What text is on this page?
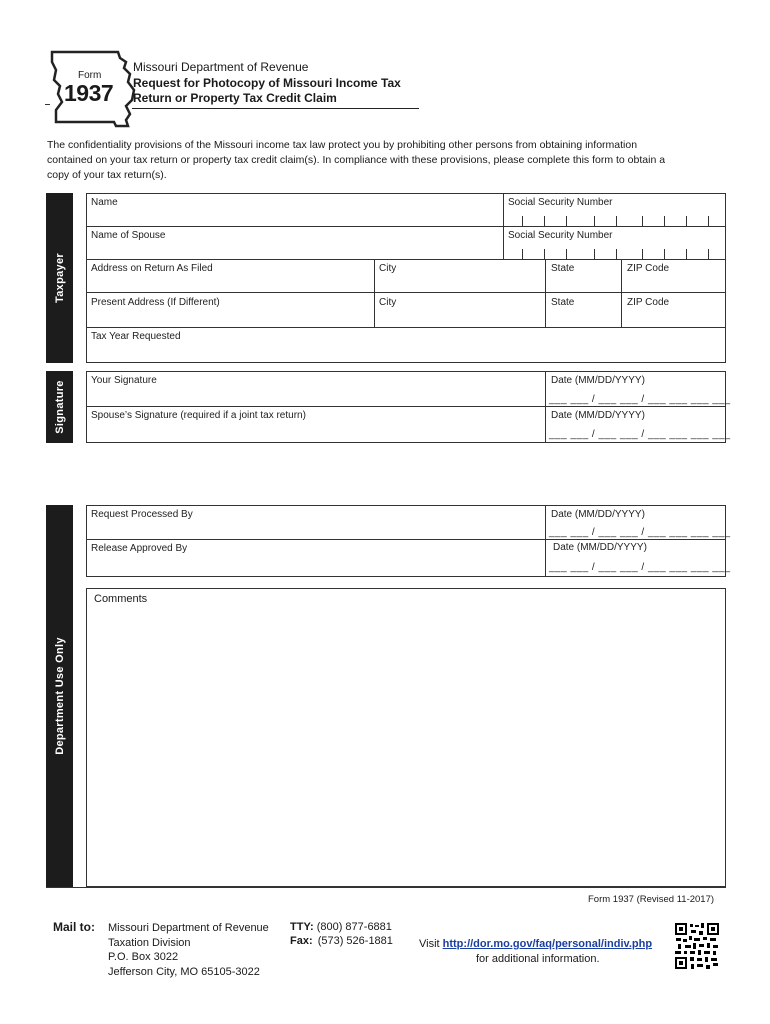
Form
1937
Missouri Department of Revenue
Request for Photocopy of Missouri Income Tax
Return or Property Tax Credit Claim
The confidentiality provisions of the Missouri income tax law protect you by prohibiting other persons from obtaining information
contained on your tax return or property tax credit claim(s). In compliance with these provisions, please complete this form to obtain a
copy of your tax return(s).
Taxpayer
Name	Social Security Number
Name of Spouse	Social Security Number
Address on Return As Filed	City	State	ZIP Code
Present Address (If Different)	City	State	ZIP Code
Tax Year Requested
Signature	Your Signature	Date (MM/DD/YYYY)
___ ___ / ___ ___ / ___ ___ ___ ___
Spouse’s Signature (required if a joint tax return)	Date (MM/DD/YYYY)
___ ___ / ___ ___ / ___ ___ ___ ___
Department Use Only
Request Processed By	Date (MM/DD/YYYY)
___ ___ / ___ ___ / ___ ___ ___ ___
Release Approved By	Date (MM/DD/YYYY)
___ ___ / ___ ___ / ___ ___ ___ ___
Comments
Form 1937 (Revised 11-2017)
Mail to: Missouri Department of Revenue
Taxation Division
P.O. Box 3022
Jefferson City, MO 65105-3022
TTY: (800) 877-6881
Fax: (573) 526-1881 Visit http://dor.mo.gov/faq/personal/indiv.php
for additional information.
